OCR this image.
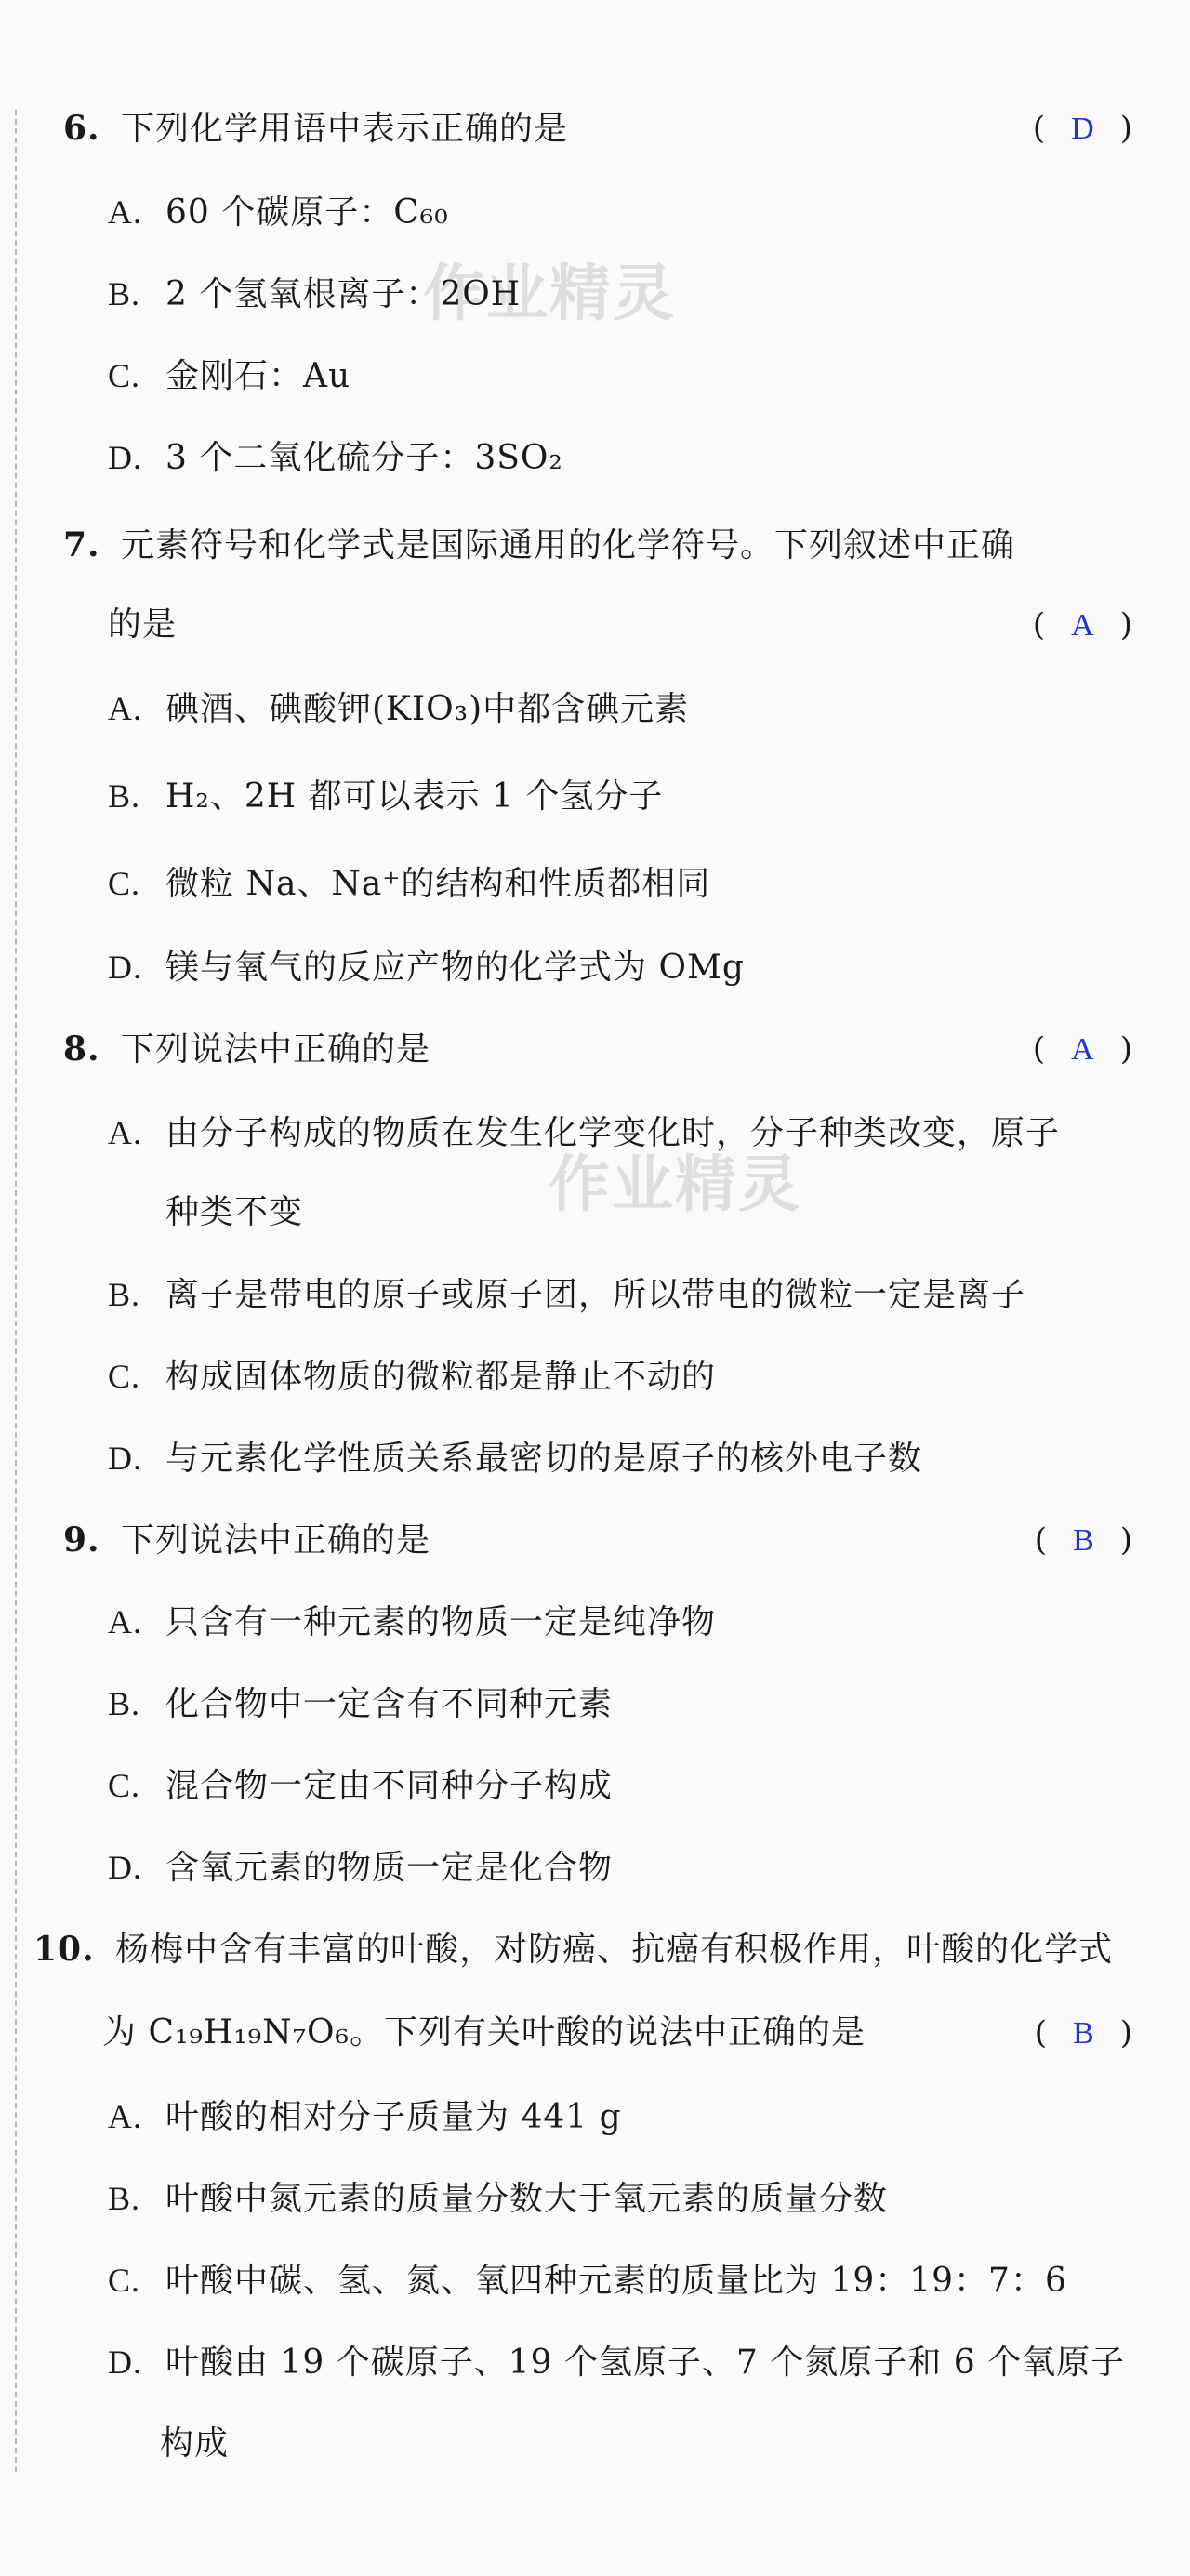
作业精灵
作业精灵
6. 下列化学用语中表示正确的是	( D )
A. 60 个碳原子：C₆₀
B. 2 个氢氧根离子：2OH
C. 金刚石：Au
D. 3 个二氧化硫分子：3SO₂
7. 元素符号和化学式是国际通用的化学符号。下列叙述中正确
的是	( A )
A. 碘酒、碘酸钾(KIO₃)中都含碘元素
B. H₂、2H 都可以表示 1 个氢分子
C. 微粒 Na、Na⁺的结构和性质都相同
D. 镁与氧气的反应产物的化学式为 OMg
8. 下列说法中正确的是	( A )
A. 由分子构成的物质在发生化学变化时，分子种类改变，原子
种类不变
B. 离子是带电的原子或原子团，所以带电的微粒一定是离子
C. 构成固体物质的微粒都是静止不动的
D. 与元素化学性质关系最密切的是原子的核外电子数
9. 下列说法中正确的是	( B )
A. 只含有一种元素的物质一定是纯净物
B. 化合物中一定含有不同种元素
C. 混合物一定由不同种分子构成
D. 含氧元素的物质一定是化合物
10. 杨梅中含有丰富的叶酸，对防癌、抗癌有积极作用，叶酸的化学式
为 C₁₉H₁₉N₇O₆。下列有关叶酸的说法中正确的是	( B )
A. 叶酸的相对分子质量为 441 g
B. 叶酸中氮元素的质量分数大于氧元素的质量分数
C. 叶酸中碳、氢、氮、氧四种元素的质量比为 19：19：7：6
D. 叶酸由 19 个碳原子、19 个氢原子、7 个氮原子和 6 个氧原子
构成
